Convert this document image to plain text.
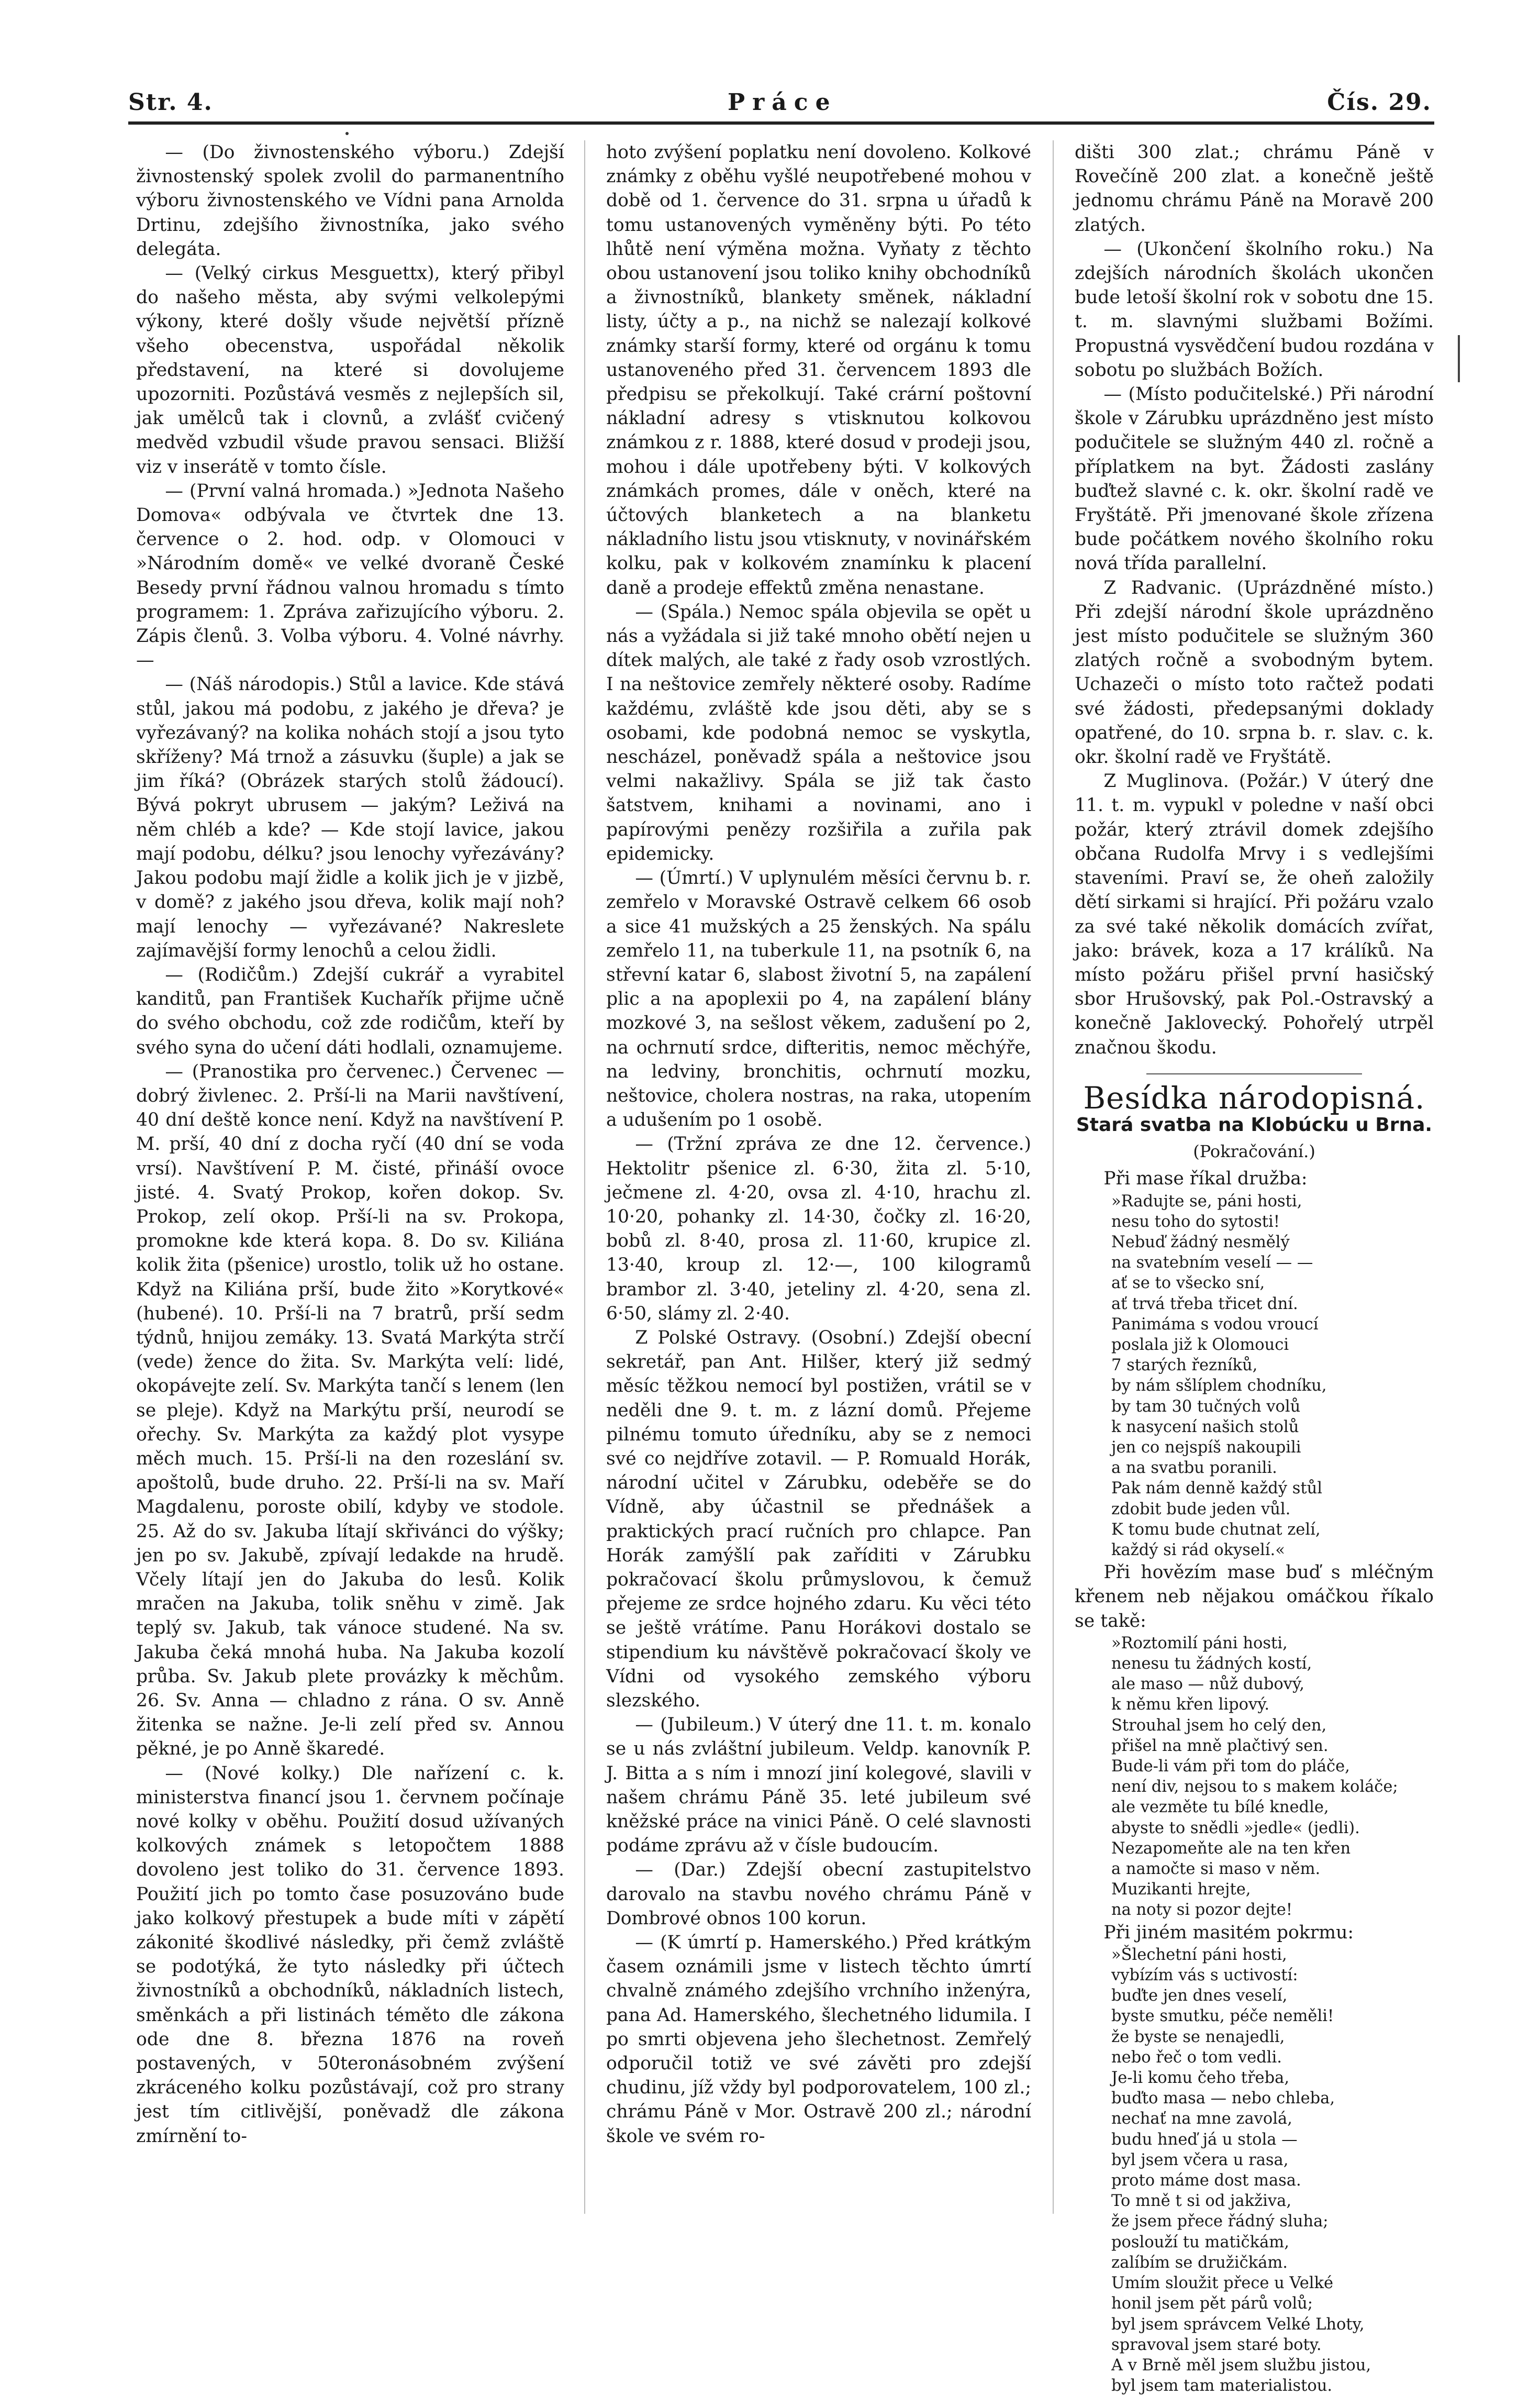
Str. 4.	Práce	Čís. 29.

— (Do živnostenského výboru.) Zdejší živnostenský spolek zvolil do parmanentního výboru živnostenského ve Vídni pana Arnolda Drtinu, zdejšího živnostníka, jako svého delegáta.

— (Velký cirkus Mesguettx), který přibyl do našeho města, aby svými velkolepými výkony, které došly všude největší přízně všeho obecenstva, uspořádal několik představení, na které si dovolujeme upozorniti. Pozůstává vesměs z nejlepších sil, jak umělců tak i clovnů, a zvlášť cvičený medvěd vzbudil všude pravou sensaci. Bližší viz v inserátě v tomto čísle.

— (První valná hromada.) »Jednota Našeho Domova« odbývala ve čtvrtek dne 13. července o 2. hod. odp. v Olomouci v »Národním domě« ve velké dvoraně České Besedy první řádnou valnou hromadu s tímto programem: 1. Zpráva zařizujícího výboru. 2. Zápis členů. 3. Volba výboru. 4. Volné návrhy. —

— (Náš národopis.) Stůl a lavice. Kde stává stůl, jakou má podobu, z jakého je dřeva? je vyřezávaný? na kolika nohách stojí a jsou tyto skříženy? Má trnož a zásuvku (šuple) a jak se jim říká? (Obrázek starých stolů žádoucí). Bývá pokryt ubrusem — jakým? Leživá na něm chléb a kde? — Kde stojí lavice, jakou mají podobu, délku? jsou lenochy vyřezávány? Jakou podobu mají židle a kolik jich je v jizbě, v domě? z jakého jsou dřeva, kolik mají noh? mají lenochy — vyřezávané? Nakreslete zajímavější formy lenochů a celou židli.

— (Rodičům.) Zdejší cukrář a vyrabitel kanditů, pan František Kuchařík přijme učně do svého obchodu, což zde rodičům, kteří by svého syna do učení dáti hodlali, oznamujeme.

— (Pranostika pro červenec.) Červenec — dobrý živlenec. 2. Prší-li na Marii navštívení, 40 dní deště konce není. Když na navštívení P. M. prší, 40 dní z docha ryčí (40 dní se voda vrsí). Navštívení P. M. čisté, přináší ovoce jisté. 4. Svatý Prokop, kořen dokop. Sv. Prokop, zelí okop. Prší-li na sv. Prokopa, promokne kde která kopa. 8. Do sv. Kiliána kolik žita (pšenice) urostlo, tolik už ho ostane. Když na Kiliána prší, bude žito »Korytkové« (hubené). 10. Prší-li na 7 bratrů, prší sedm týdnů, hnijou zemáky. 13. Svatá Markýta strčí (vede) žence do žita. Sv. Markýta velí: lidé, okopávejte zelí. Sv. Markýta tančí s lenem (len se pleje). Když na Markýtu prší, neurodí se ořechy. Sv. Markýta za každý plot vysype měch much. 15. Prší-li na den rozeslání sv. apoštolů, bude druho. 22. Prší-li na sv. Maří Magdalenu, poroste obilí, kdyby ve stodole. 25. Až do sv. Jakuba lítají skřivánci do výšky; jen po sv. Jakubě, zpívají ledakde na hrudě. Včely lítají jen do Jakuba do lesů. Kolik mračen na Jakuba, tolik sněhu v zimě. Jak teplý sv. Jakub, tak vánoce studené. Na sv. Jakuba čeká mnohá huba. Na Jakuba kozolí průba. Sv. Jakub plete provázky k měchům. 26. Sv. Anna — chladno z rána. O sv. Anně žitenka se nažne. Je-li zelí před sv. Annou pěkné, je po Anně škaredé.

— (Nové kolky.) Dle nařízení c. k. ministerstva financí jsou 1. červnem počínaje nové kolky v oběhu. Použití dosud užívaných kolkových známek s letopočtem 1888 dovoleno jest toliko do 31. července 1893. Použití jich po tomto čase posuzováno bude jako kolkový přestupek a bude míti v zápětí zákonité škodlivé následky, při čemž zvláště se podotýká, že tyto následky při účtech živnostníků a obchodníků, nákladních listech, směnkách a při listinách téměto dle zákona ode dne 8. března 1876 na roveň postavených, v 50teronásobném zvýšení zkráceného kolku pozůstávají, což pro strany jest tím citlivější, poněvadž dle zákona zmírnění to-

hoto zvýšení poplatku není dovoleno. Kolkové známky z oběhu vyšlé neupotřebené mohou v době od 1. července do 31. srpna u úřadů k tomu ustanovených vyměněny býti. Po této lhůtě není výměna možna. Vyňaty z těchto obou ustanovení jsou toliko knihy obchodníků a živnostníků, blankety směnek, nákladní listy, účty a p., na nichž se nalezají kolkové známky starší formy, které od orgánu k tomu ustanoveného před 31. červencem 1893 dle předpisu se překolkují. Také crární poštovní nákladní adresy s vtisknutou kolkovou známkou z r. 1888, které dosud v prodeji jsou, mohou i dále upotřebeny býti. V kolkových známkách promes, dále v oněch, které na účtových blanketech a na blanketu nákladního listu jsou vtisknuty, v novinářském kolku, pak v kolkovém znamínku k placení daně a prodeje effektů změna nenastane.

— (Spála.) Nemoc spála objevila se opět u nás a vyžádala si již také mnoho obětí nejen u dítek malých, ale také z řady osob vzrostlých. I na neštovice zemřely některé osoby. Radíme každému, zvláště kde jsou děti, aby se s osobami, kde podobná nemoc se vyskytla, nescházel, poněvadž spála a neštovice jsou velmi nakažlivy. Spála se již tak často šatstvem, knihami a novinami, ano i papírovými penězy rozšiřila a zuřila pak epidemicky.

— (Úmrtí.) V uplynulém měsíci červnu b. r. zemřelo v Moravské Ostravě celkem 66 osob a sice 41 mužských a 25 ženských. Na spálu zemřelo 11, na tuberkule 11, na psotník 6, na střevní katar 6, slabost životní 5, na zapálení plic a na apoplexii po 4, na zapálení blány mozkové 3, na sešlost věkem, zadušení po 2, na ochrnutí srdce, difteritis, nemoc měchýře, na ledviny, bronchitis, ochrnutí mozku, neštovice, cholera nostras, na raka, utopením a udušením po 1 osobě.

— (Tržní zpráva ze dne 12. července.) Hektolitr pšenice zl. 6·30, žita zl. 5·10, ječmene zl. 4·20, ovsa zl. 4·10, hrachu zl. 10·20, pohanky zl. 14·30, čočky zl. 16·20, bobů zl. 8·40, prosa zl. 11·60, krupice zl. 13·40, kroup zl. 12·—, 100 kilogramů brambor zl. 3·40, jeteliny zl. 4·20, sena zl. 6·50, slámy zl. 2·40.

Z Polské Ostravy. (Osobní.) Zdejší obecní sekretář, pan Ant. Hilšer, který již sedmý měsíc těžkou nemocí byl postižen, vrátil se v neděli dne 9. t. m. z lázní domů. Přejeme pilnému tomuto úředníku, aby se z nemoci své co nejdříve zotavil. — P. Romuald Horák, národní učitel v Zárubku, odeběře se do Vídně, aby účastnil se přednášek a praktických prací ručních pro chlapce. Pan Horák zamýšlí pak zaříditi v Zárubku pokračovací školu průmyslovou, k čemuž přejeme ze srdce hojného zdaru. Ku věci této se ještě vrátíme. Panu Horákovi dostalo se stipendium ku návštěvě pokračovací školy ve Vídni od vysokého zemského výboru slezského.

— (Jubileum.) V úterý dne 11. t. m. konalo se u nás zvláštní jubileum. Veldp. kanovník P. J. Bitta a s ním i mnozí jiní kolegové, slavili v našem chrámu Páně 35. leté jubileum své kněžské práce na vinici Páně. O celé slavnosti podáme zprávu až v čísle budoucím.

— (Dar.) Zdejší obecní zastupitelstvo darovalo na stavbu nového chrámu Páně v Dombrové obnos 100 korun.

— (K úmrtí p. Hamerského.) Před krátkým časem oznámili jsme v listech těchto úmrtí chvalně známého zdejšího vrchního inženýra, pana Ad. Hamerského, šlechetného lidumila. I po smrti objevena jeho šlechetnost. Zemřelý odporučil totiž ve své závěti pro zdejší chudinu, jíž vždy byl podporovatelem, 100 zl.; chrámu Páně v Mor. Ostravě 200 zl.; národní škole ve svém ro-

dišti 300 zlat.; chrámu Páně v Rovečíně 200 zlat. a konečně ještě jednomu chrámu Páně na Moravě 200 zlatých.

— (Ukončení školního roku.) Na zdejších národních školách ukončen bude letoší školní rok v sobotu dne 15. t. m. slavnými službami Božími. Propustná vysvědčení budou rozdána v sobotu po službách Božích.

— (Místo podučitelské.) Při národní škole v Zárubku uprázdněno jest místo podučitele se služným 440 zl. ročně a příplatkem na byt. Žádosti zaslány buďtež slavné c. k. okr. školní radě ve Fryštátě. Při jmenované škole zřízena bude počátkem nového školního roku nová třída parallelní.

Z Radvanic. (Uprázdněné místo.) Při zdejší národní škole uprázdněno jest místo podučitele se služným 360 zlatých ročně a svobodným bytem. Uchazeči o místo toto račtež podati své žádosti, předepsanými doklady opatřené, do 10. srpna b. r. slav. c. k. okr. školní radě ve Fryštátě.

Z Muglinova. (Požár.) V úterý dne 11. t. m. vypukl v poledne v naší obci požár, který ztrávil domek zdejšího občana Rudolfa Mrvy i s vedlejšími staveními. Praví se, že oheň založily dětí sirkami si hrající. Při požáru vzalo za své také několik domácích zvířat, jako: brávek, koza a 17 králíků. Na místo požáru přišel první hasičský sbor Hrušovský, pak Pol.-Ostravský a konečně Jaklovecký. Pohořelý utrpěl značnou škodu.

Besídka národopisná.
Stará svatba na Klobúcku u Brna.
(Pokračování.)

Při mase říkal družba:

»Radujte se, páni hosti,
nesu toho do sytosti!
Nebuď žádný nesmělý
na svatebním veselí — —
ať se to všecko sní,
ať trvá třeba třicet dní.
Panimáma s vodou vroucí
poslala již k Olomouci
7 starých řezníků,
by nám sšlíplem chodníku,
by tam 30 tučných volů
k nasycení našich stolů
jen co nejspíš nakoupili
a na svatbu poranili.
Pak nám denně každý stůl
zdobit bude jeden vůl.
K tomu bude chutnat zelí,
každý si rád okyselí.«

Při hovězím mase buď s mléčným křenem neb nějakou omáčkou říkalo se takě:

»Roztomilí páni hosti,
nenesu tu žádných kostí,
ale maso — nůž dubový,
k němu křen lipový.
Strouhal jsem ho celý den,
přišel na mně plačtivý sen.
Bude-li vám při tom do pláče,
není div, nejsou to s makem koláče;
ale vezměte tu bílé knedle,
abyste to snědli »jedle« (jedli).
Nezapomeňte ale na ten křen
a namočte si maso v něm.
Muzikanti hrejte,
na noty si pozor dejte!

Při jiném masitém pokrmu:

»Šlechetní páni hosti,
vybízím vás s uctivostí:
buďte jen dnes veselí,
byste smutku, péče neměli!
že byste se nenajedli,
nebo řeč o tom vedli.
Je-li komu čeho třeba,
buďto masa — nebo chleba,
nechať na mne zavolá,
budu hneď já u stola —
byl jsem včera u rasa,
proto máme dost masa.
To mně t si od jakživa,
že jsem přece řádný sluha;
poslouží tu matičkám,
zalíbím se družičkám.
Umím sloužit přece u Velké
honil jsem pět párů volů;
byl jsem správcem Velké Lhoty,
spravoval jsem staré boty.
A v Brně měl jsem službu jistou,
byl jsem tam materialistou.
